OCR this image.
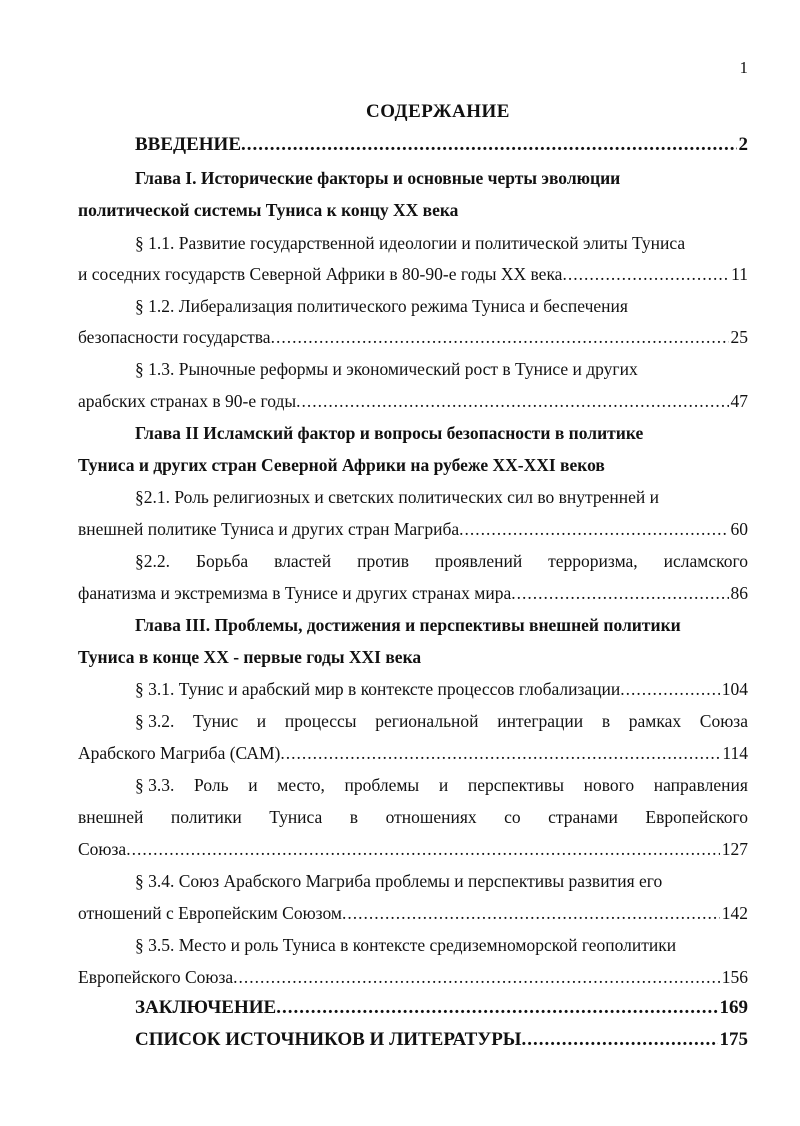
1
СОДЕРЖАНИЕ
ВВЕДЕНИЕ .....	2
Глава I. Исторические факторы и основные черты эволюции
политической системы Туниса к концу XX века
§ 1.1. Развитие государственной идеологии и политической элиты Туниса
и соседних государств Северной Африки в 80-90-е годы XX века .....	11
§ 1.2. Либерализация политического режима Туниса и беспечения
безопасности государства .....	25
§ 1.3. Рыночные реформы и экономический рост в Тунисе и других
арабских странах в 90-е годы .....	47
Глава II Исламский фактор и вопросы безопасности в политике
Туниса и других стран Северной Африки на рубеже XX-XXI веков
§2.1. Роль религиозных и светских политических сил во внутренней и
внешней политике Туниса и других стран Магриба .....	60
§2.2. Борьба властей против проявлений терроризма, исламского
фанатизма и экстремизма в Тунисе и других странах мира .....	86
Глава III. Проблемы, достижения и перспективы внешней политики
Туниса в конце XX - первые годы XXI века
§ 3.1. Тунис и арабский мир в контексте процессов глобализации .....	104
§ 3.2. Тунис и процессы региональной интеграции в рамках Союза
Арабского Магриба (САМ) .....	114
§ 3.3. Роль и место, проблемы и перспективы нового направления
внешней политики Туниса в отношениях со странами Европейского
Союза .....	127
§ 3.4. Союз Арабского Магриба проблемы и перспективы развития его
отношений с Европейским Союзом .....	142
§ 3.5. Место и роль Туниса в контексте средиземноморской геополитики
Европейского Союза .....	156
ЗАКЛЮЧЕНИЕ .....	169
СПИСОК ИСТОЧНИКОВ И ЛИТЕРАТУРЫ .....	175
